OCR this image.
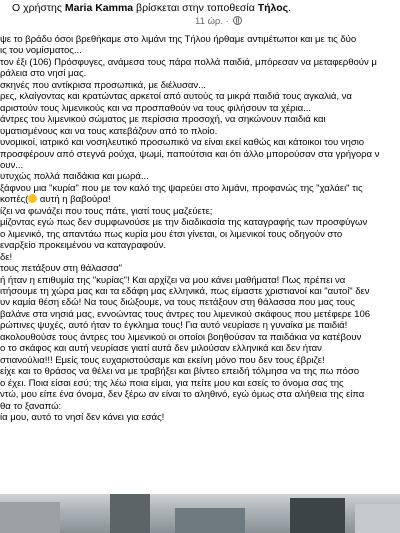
Ο χρήστης Maria Kamma βρίσκεται στην τοποθεσία Τήλος.
11 ώρ. ·

ψε το βράδυ όσοι βρεθήκαμε στο λιμάνι της Τήλου ήρθαμε αντιμέτωποι και με τις δύο

ις του νομίσματος...

τον έξι (106) Πρόσφυγες, ανάμεσα τους πάρα πολλά παιδιά, μπόρεσαν να μεταφερθούν μ

ράλεια στο νησί μας.

σκηνές που αντίκρισα προσωπικά, με διέλυσαν...

ρες, κλαίγοντας και κρατώντας αρκετοί από αυτούς τα μικρά παιδιά τους αγκαλιά, να

αριστούν τους λιμενικούς και να προσπαθούν να τους φιλήσουν τα χέρια...

άντρες του λιμενικού σώματος με περίσσια προσοχή, να σηκώνουν παιδιά και

υματισμένους και να τους κατεβάζουν από το πλοίο.

υνομικοί, ιατρικό και νοσηλευτικό προσωπικό να είναι εκεί καθώς και κάτοικοι του νησιο

προσφέρουν από στεγνά ρούχα, ψωμί, παπούτσια και ότι άλλο μπορούσαν στα γρήγορα ν

ουν...

υτυχώς πολλά παιδάκια και μωρά...

ξάφνου μια "κυρία" που με τον καλό της ψαρεύει στο λιμάνι, προφανώς της "χαλάει" τις

κοπές( αυτή η βαβούρα!

ίζει να φωνάζει που τους πάτε, γιατί τους μαζεύετε;

μίζοντας εγώ πως δεν συμφωνούσε με την διαδικασία της καταγραφής των προσφύγων

ο λιμενικό, της απαντάω πως κυρία μου έτσι γίνεται, οι λιμενικοί τους οδηγούν στο

εναρξείο προκειμένου να καταγραφούν.

δε!

τους πετάξουν στη θάλασσα"

ή ήταν η επιθυμία της "κυρίας"! Και αρχίζει να μου κάνει μαθήματα! Πως πρέπει να

ιτήσουμε τη χώρα μας και τα εδάφη μας ελληνικά, πως είμαστε χριστιανοί και "αυτοί" δεν

υν καμία θέση εδώ! Να τους διώξουμε, να τους πετάξουν στη θάλασσα που μας τους

βαλάνε στα νησιά μας, εννοώντας τους άντρες του λιμενικού σκάφους που μετέφερε 106

ρώπινες ψυχές, αυτό ήταν το έγκλημα τους! Για αυτό νευρίασε η γυναίκα με παιδιά!

ακολουθούσε τους άντρες του λιμενικού οι οποίοι βοηθούσαν τα παιδάκια να κατέβουν

ο το σκάφος και αυτή νευρίασε γιατί αυτά δεν μιλούσαν ελληνικά και δεν ήταν

στιανούλια!!! Εμείς τους ευχαριστούσαμε και εκείνη μόνο που δεν τους έβριζε!

είχε και το θράσος να θέλει να με τραβήξει και βίντεο επειδή τόλμησα να της πω πόσο

ο έχει. Ποια είσαι εσύ; της λέω ποια είμαι, για πείτε μου και εσείς το όνομα σας της

ντώ, μου είπε ένα όνομα, δεν ξέρω αν είναι το αληθινό, εγώ όμως στα αλήθεια της είπα

θα το ξαναπώ:

ία μου, αυτό το νησί δεν κάνει για εσάς!
